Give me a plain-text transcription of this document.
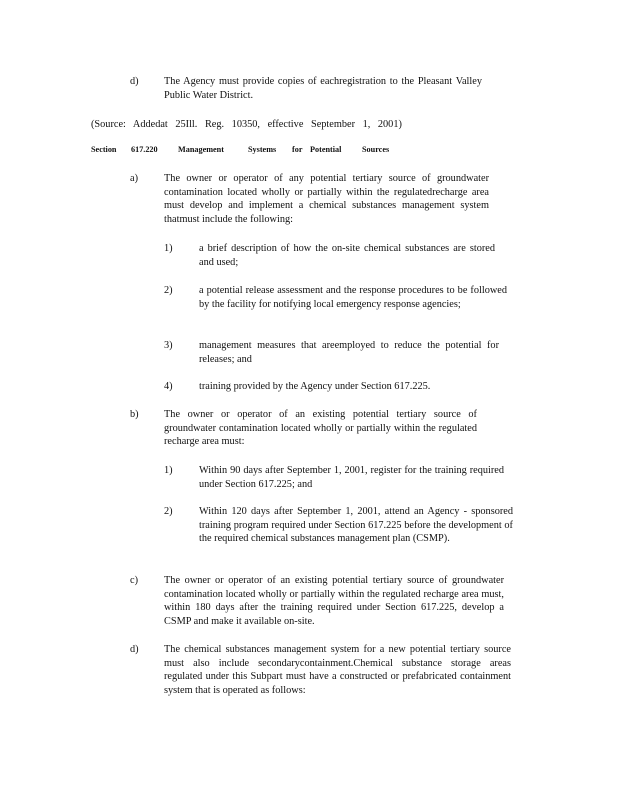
d) The Agency must provide copies of eachregistration to the Pleasant Valley Public Water District.
(Source: Addedat 25Ill. Reg. 10350, effective September 1, 2001)
Section 617.220 Management	Systems for Potential	Sources
a)	The owner or operator of any potential tertiary source of groundwater contamination located wholly or partially within the regulatedrecharge area must develop and implement a chemical substances management system thatmust include the following:
1)	a brief description of how the on-site chemical substances are stored and used;
2)	a potential release assessment and the response procedures to be followed by the facility for notifying local emergency response agencies;
3)	management measures that areemployed to reduce the potential for releases; and
4)	training provided by the Agency under Section 617.225.
b) The owner or operator of an existing potential tertiary source of groundwater contamination located wholly or partially within the regulated recharge area must:
1)	Within 90 days after September 1, 2001, register for the training required under Section 617.225; and
2)	Within 120 days after September 1, 2001, attend an Agency - sponsored training program required under Section 617.225 before the development of the required chemical substances management plan (CSMP).
c)	The owner or operator of an existing potential tertiary source of groundwater contamination located wholly or partially within the regulated recharge area must, within 180 days after the training required under Section 617.225, develop a CSMP and make it available on-site.
d) The chemical substances management system for a new potential tertiary source must also include secondarycontainment.Chemical substance storage areas regulated under this Subpart must have a constructed or prefabricated containment system that is operated as follows:
